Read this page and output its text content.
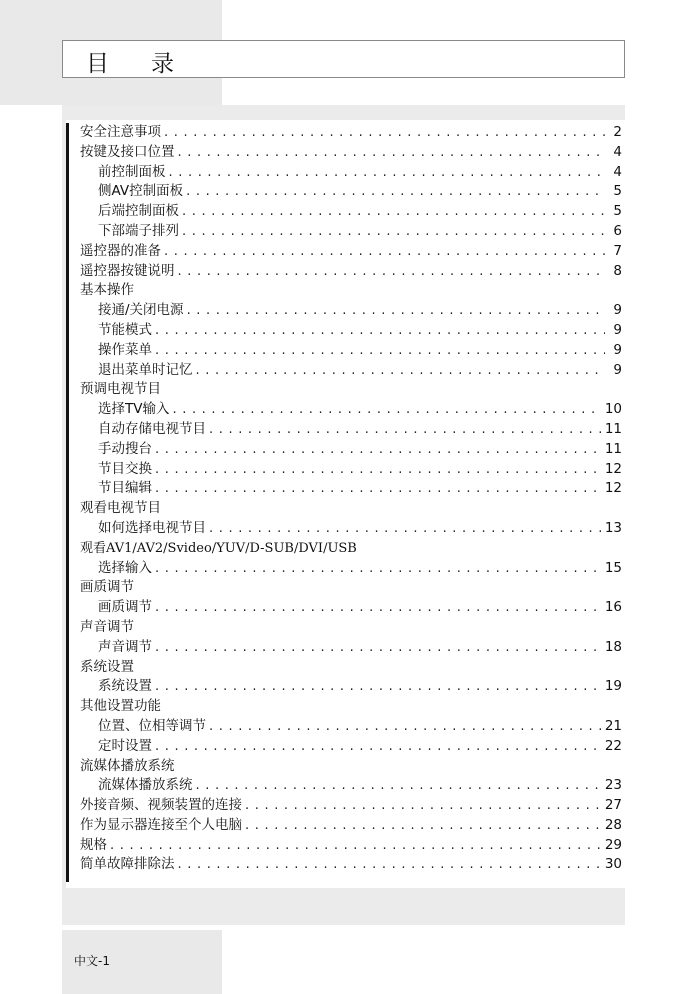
目录
安全注意事项 .....	2
按键及接口位置 .....	4
前控制面板 .....	4
侧AV控制面板 .....	5
后端控制面板 .....	5
下部端子排列 .....	6
遥控器的准备 .....	7
遥控器按键说明 .....	8
基本操作
接通/关闭电源 .....	9
节能模式 .....	9
操作菜单 .....	9
退出菜单时记忆 .....	9
预调电视节目
选择TV输入 .....	10
自动存储电视节目 .....	11
手动搜台 .....	11
节目交换 .....	12
节目编辑 .....	12
观看电视节目
如何选择电视节目 .....	13
观看AV1/AV2/Svideo/YUV/D-SUB/DVI/USB
选择输入 .....	15
画质调节
画质调节 .....	16
声音调节
声音调节 .....	18
系统设置
系统设置 .....	19
其他设置功能
位置、位相等调节 .....	21
定时设置 .....	22
流媒体播放系统
流媒体播放系统 .....	23
外接音频、视频装置的连接 .....	27
作为显示器连接至个人电脑 .....	28
规格 .....	29
简单故障排除法 .....	30
中文-1
